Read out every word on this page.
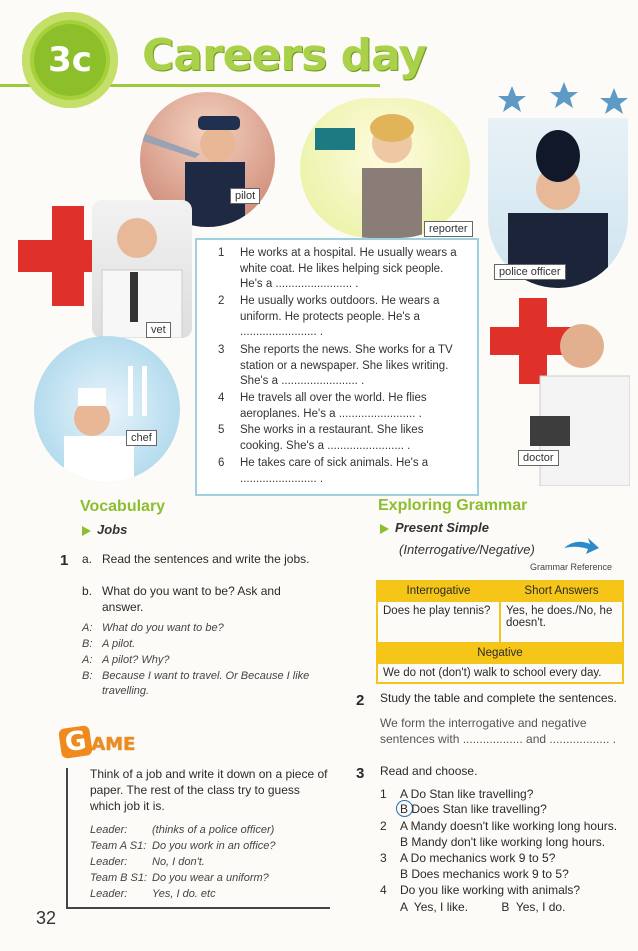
3c	Careers day
pilot
reporter
police officer
vet
chef
doctor
1	He works at a hospital. He usually wears a white coat. He likes helping sick people. He's a ........................ .
2	He usually works outdoors. He wears a uniform. He protects people. He's a ........................ .
3	She reports the news. She works for a TV station or a newspaper. She likes writing. She's a ........................ .
4	He travels all over the world. He flies aeroplanes. He's a ........................ .
5	She works in a restaurant. She likes cooking. She's a ........................ .
6	He takes care of sick animals. He's a ........................ .
Vocabulary
Jobs
1 a. Read the sentences and write the jobs.
b. What do you want to be? Ask and answer.
A: What do you want to be?
B: A pilot.
A: A pilot? Why?
B: Because I want to travel. Or Because I like travelling.
G AME
Think of a job and write it down on a piece of paper. The rest of the class try to guess which job it is.
Leader: (thinks of a police officer)
Team A S1: Do you work in an office?
Leader: No, I don't.
Team B S1: Do you wear a uniform?
Leader: Yes, I do. etc
32
Exploring Grammar
Present Simple
(Interrogative/Negative)
Grammar Reference
Interrogative	Short Answers
Does he play tennis?	Yes, he does./No, he doesn't.
Negative	
We do not (don't) walk to school every day.	
2 Study the table and complete the sentences.
We form the interrogative and negative sentences with .................. and .................. .
3 Read and choose.
1 A Do Stan like travelling?
B Does Stan like travelling?
2 A Mandy doesn't like working long hours.
B Mandy don't like working long hours.
3 A Do mechanics work 9 to 5?
B Does mechanics work 9 to 5?
4 Do you like working with animals?
A  Yes, I like.          B  Yes, I do.
